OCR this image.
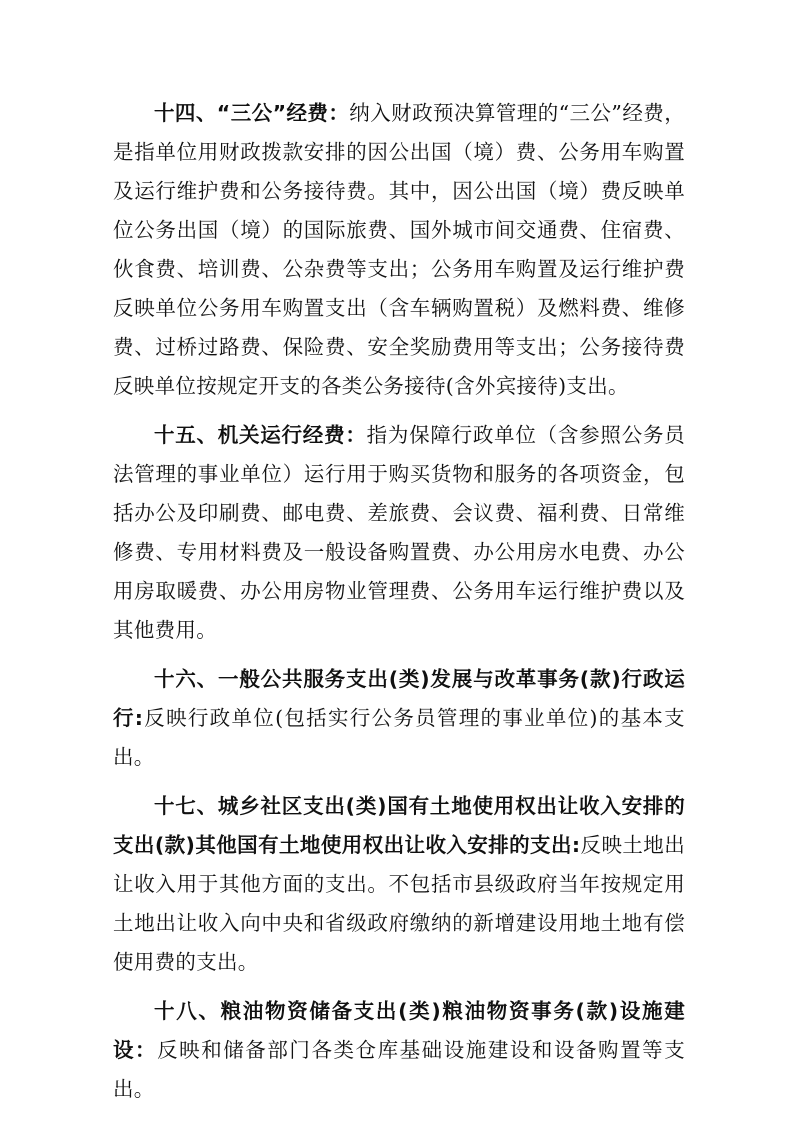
十四、“三公”经费：纳入财政预决算管理的“三公”经费，是指单位用财政拨款安排的因公出国（境）费、公务用车购置及运行维护费和公务接待费。其中，因公出国（境）费反映单位公务出国（境）的国际旅费、国外城市间交通费、住宿费、伙食费、培训费、公杂费等支出；公务用车购置及运行维护费反映单位公务用车购置支出（含车辆购置税）及燃料费、维修费、过桥过路费、保险费、安全奖励费用等支出；公务接待费反映单位按规定开支的各类公务接待(含外宾接待)支出。

十五、机关运行经费：指为保障行政单位（含参照公务员法管理的事业单位）运行用于购买货物和服务的各项资金，包括办公及印刷费、邮电费、差旅费、会议费、福利费、日常维修费、专用材料费及一般设备购置费、办公用房水电费、办公用房取暖费、办公用房物业管理费、公务用车运行维护费以及其他费用。

十六、一般公共服务支出(类)发展与改革事务(款)行政运行:反映行政单位(包括实行公务员管理的事业单位)的基本支出。

十七、城乡社区支出(类)国有土地使用权出让收入安排的支出(款)其他国有土地使用权出让收入安排的支出:反映土地出让收入用于其他方面的支出。不包括市县级政府当年按规定用土地出让收入向中央和省级政府缴纳的新增建设用地土地有偿使用费的支出。

十八、粮油物资储备支出(类)粮油物资事务(款)设施建设：反映和储备部门各类仓库基础设施建设和设备购置等支出。
